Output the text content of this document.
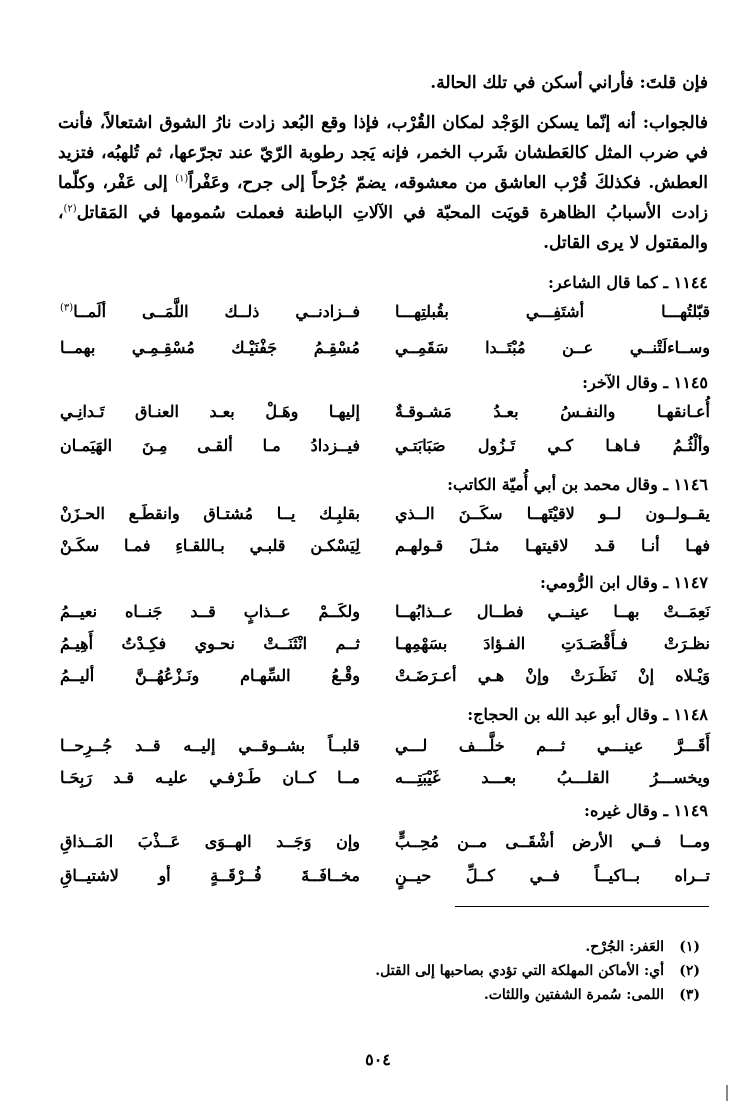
فإن قلتَ: فأراني أسكن في تلك الحالة.
فالجواب: أنه إنّما يسكن الوَجْد لمكان القُرْب، فإذا وقع البُعد زادت نارُ الشوق اشتعالاً، فأنت في ضرب المثل كالعَطشان شَرب الخمر، فإنه يَجد رطوبة الرّيّ عند تجرّعها، ثم تُلهبُه، فتزيد العطش. فكذلكَ قُرْب العاشق من معشوقه، يضمّ جُرْحاً إلى جرح، وعَفْراً$^{(١)}$ إلى عَفْر، وكلّما زادت الأسبابُ الظاهرة قويَت المحبّة في الآلاتِ الباطنة فعملت سُمومها في المَقاتل$^{(٢)}$، والمقتول لا يرى القاتل.
١١٤٤ ـ كما قال الشاعر:
قبّلتُهـــا أشتَفِـــي بقُبلتِهـــا
فــزادنــي ذلــك اللَّمَــى ألَمــا$^{(٣)}$
وســاءلَتْنــي عــن مُبْتَــدا سَقَمِــي
مُسْقِـمُ جَفْنَيْـك مُسْقِـمِـي بهمــا
١١٤٥ ـ وقال الآخر:
أُعـانقهـا والنفـسُ بعـدُ مَشـوقـةٌ
إليهـا وهَـلْ بعـد العنـاق تَـدانِـي
وألْثُـمُ فـاهـا كـي تَـزُول صَبَابَتـي
فيــزدادُ مـا ألقـى مِـنَ الهَيَمـان
١١٤٦ ـ وقال محمد بن أبي أُميّة الكاتب:
يقــولــون لــو لاقيْتَهــا سكَــنَ الــذي
بقلبِـك يــا مُشتـاق وانقطَـع الحـزَنْ
فهـا أنـا قـد لاقيتهـا مثـلَ قـولهـم
لِيَسْكـن قلبـي بـاللقـاءِ فمـا سكَـنْ
١١٤٧ ـ وقال ابن الرُّومي:
نَعِمَــتْ بهــا عينــي فطــال عــذابُهــا
ولكَــمْ عــذابٍ قــد جَنــاه نعيــمُ
نظـرَتْ فـأَقْصَـدَتِ الفـؤادَ بسَهْمِهـا
ثــم انْثَنَــتْ نحـوي فكِـدْتُ أَهِيـمُ
وَيْـلاه إنْ نَظَـرَتْ وإنْ هـي أعـرَضَـتْ
وقْـعُ السِّهـام ونَـزْعُهُــنَّ أليــمُ
١١٤٨ ـ وقال أبو عبد الله بن الحجاج:
أَقَـــرَّ عينـــي ثـــم خلَّـــف لـــي
قلبــاً بشــوقــي إليــه قــد جُــرِحــا
ويخســـرُ القلـــبُ بعـــد غَيْبَتِـــه
مــا كــان طَـرْفـي عليـه قـد رَبِحَـا
١١٤٩ ـ وقال غيره:
ومــا فــي الأرض أشْقَــى مــن مُحِــبٍّ
وإن وَجَــد الهــوَى عَــذْبَ المَــذاقِ
تــراه بــاكيــاً فــي كــلِّ حيــنٍ
مخــافَــةَ فُــرْقَــةٍ أو لاشتيــاقِ
(١)العَفر: الجُرْح.
(٢)أي: الأماكن المهلكة التي تؤدي بصاحبها إلى القتل.
(٣)اللمى: سُمرة الشفتين واللثات.
٥٠٤
